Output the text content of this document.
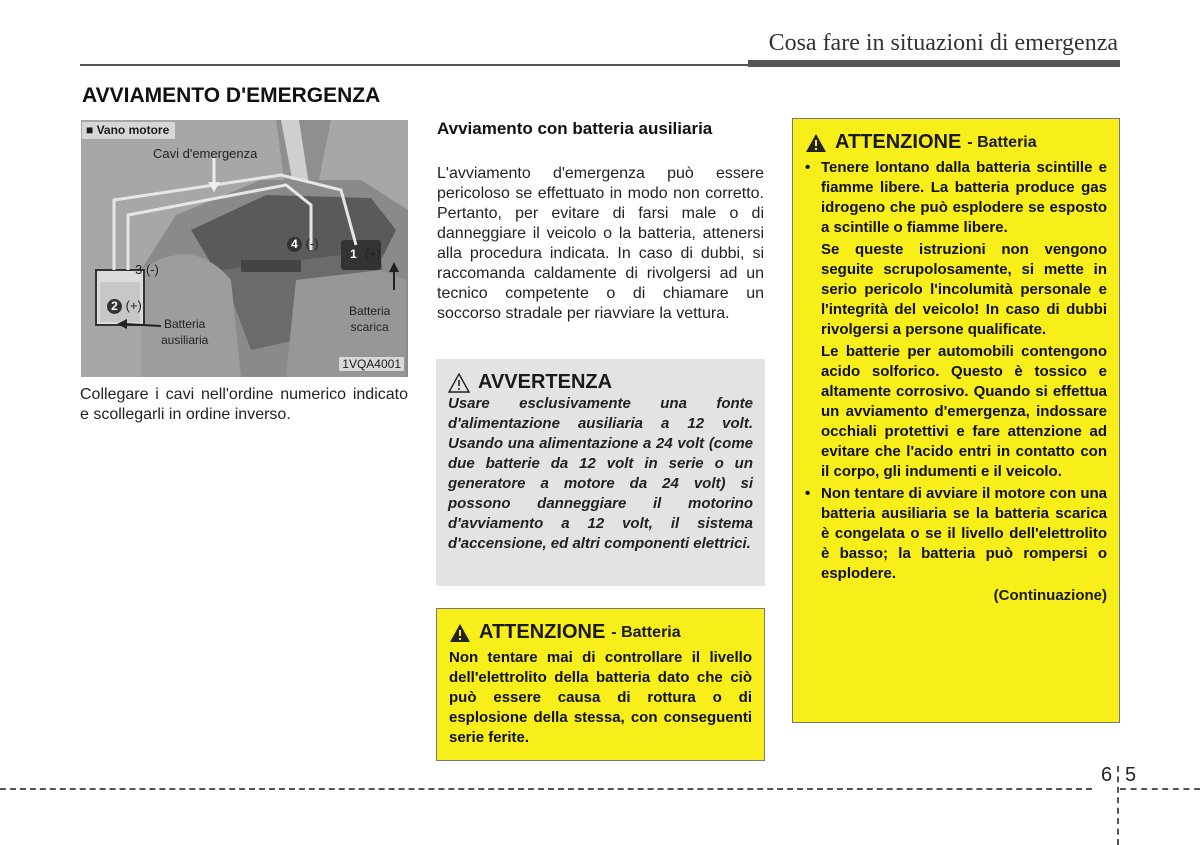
Cosa fare in situazioni di emergenza
AVVIAMENTO D'EMERGENZA
■ Vano motore
Cavi d'emergenza
1 (+)
4 (-)
3 (-)
2 (+)
Batteria
ausiliaria
Batteria
scarica
1VQA4001
Collegare i cavi nell'ordine numerico indicato e scollegarli in ordine inverso.
Avviamento con batteria ausiliaria
L'avviamento d'emergenza può essere pericoloso se effettuato in modo non corretto. Pertanto, per evitare di farsi male o di danneggiare il veicolo o la batteria, attenersi alla procedura indicata. In caso di dubbi, si raccomanda caldamente di rivolgersi ad un tecnico competente o di chiamare un soccorso stradale per riavviare la vettura.
AVVERTENZA
Usare esclusivamente una fonte d'alimentazione ausiliaria a 12 volt. Usando una alimentazione a 24 volt (come due batterie da 12 volt in serie o un generatore a motore da 24 volt) si possono danneggiare il motorino d'avviamento a 12 volt, il sistema d'accensione, ed altri componenti elettrici.
ATTENZIONE - Batteria
Non tentare mai di controllare il livello dell'elettrolito della batteria dato che ciò può essere causa di rottura o di esplosione della stessa, con conseguenti serie ferite.
ATTENZIONE - Batteria
• Tenere lontano dalla batteria scintille e fiamme libere. La batteria produce gas idrogeno che può esplodere se esposto a scintille o fiamme libere.
Se queste istruzioni non vengono seguite scrupolosamente, si mette in serio pericolo l'incolumità personale e l'integrità del veicolo! In caso di dubbi rivolgersi a persone qualificate.
Le batterie per automobili contengono acido solforico. Questo è tossico e altamente corrosivo. Quando si effettua un avviamento d'emergenza, indossare occhiali protettivi e fare attenzione ad evitare che l'acido entri in contatto con il corpo, gli indumenti e il veicolo.
• Non tentare di avviare il motore con una batteria ausiliaria se la batteria scarica è congelata o se il livello dell'elettrolito è basso; la batteria può rompersi o esplodere.
(Continuazione)
6 5
